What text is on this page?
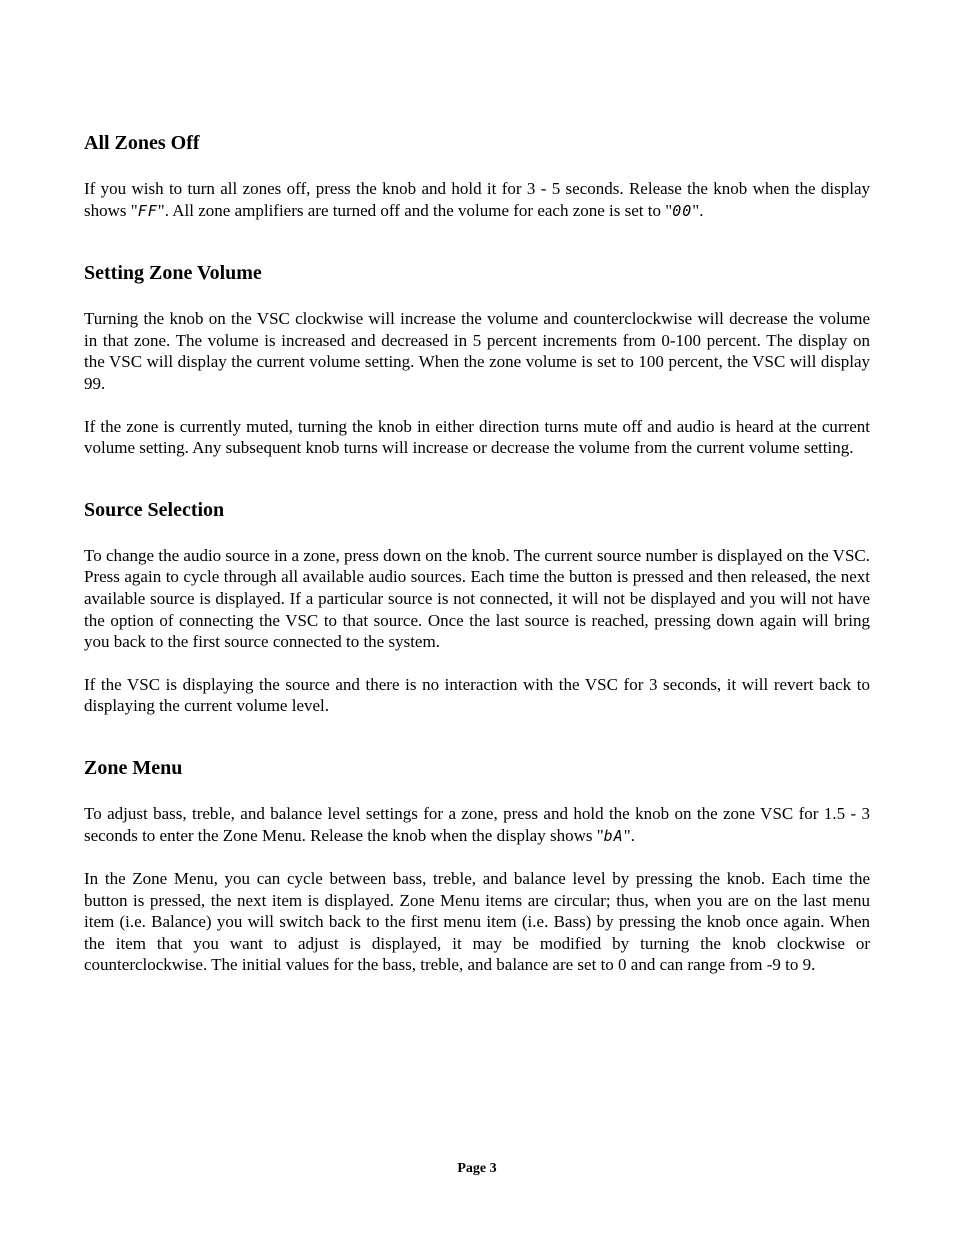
All Zones Off

If you wish to turn all zones off, press the knob and hold it for 3 - 5 seconds. Release the knob when the display shows "FF". All zone amplifiers are turned off and the volume for each zone is set to "00".

Setting Zone Volume

Turning the knob on the VSC clockwise will increase the volume and counterclockwise will decrease the volume in that zone. The volume is increased and decreased in 5 percent increments from 0-100 percent. The display on the VSC will display the current volume setting. When the zone volume is set to 100 percent, the VSC will display 99.

If the zone is currently muted, turning the knob in either direction turns mute off and audio is heard at the current volume setting. Any subsequent knob turns will increase or decrease the volume from the current volume setting.

Source Selection

To change the audio source in a zone, press down on the knob. The current source number is displayed on the VSC. Press again to cycle through all available audio sources. Each time the button is pressed and then released, the next available source is displayed. If a particular source is not connected, it will not be displayed and you will not have the option of connecting the VSC to that source. Once the last source is reached, pressing down again will bring you back to the first source connected to the system.

If the VSC is displaying the source and there is no interaction with the VSC for 3 seconds, it will revert back to displaying the current volume level.

Zone Menu

To adjust bass, treble, and balance level settings for a zone, press and hold the knob on the zone VSC for 1.5 - 3 seconds to enter the Zone Menu. Release the knob when the display shows "bA".

In the Zone Menu, you can cycle between bass, treble, and balance level by pressing the knob. Each time the button is pressed, the next item is displayed. Zone Menu items are circular; thus, when you are on the last menu item (i.e. Balance) you will switch back to the first menu item (i.e. Bass) by pressing the knob once again. When the item that you want to adjust is displayed, it may be modified by turning the knob clockwise or counterclockwise. The initial values for the bass, treble, and balance are set to 0 and can range from -9 to 9.

Page 3
